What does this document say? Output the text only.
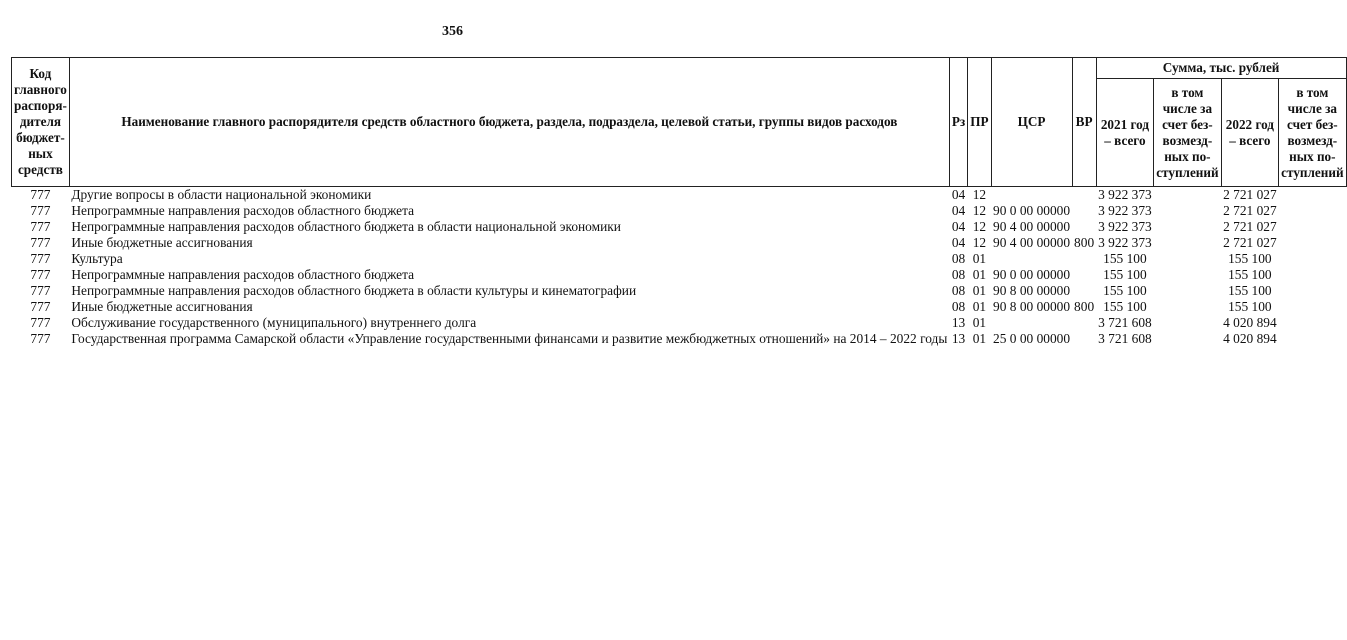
356
Код главного распоря-дителя бюджет-ных средств	Наименование главного распорядителя средств областного бюджета, раздела, подраздела, целевой статьи, группы видов расходов	Рз	ПР	ЦСР	ВР	Сумма, тыс. рублей			
						2021 год – всего	в том числе за счет без-возмезд-ных по-ступлений	2022 год – всего	в том числе за счет без-возмезд-ных по-ступлений
777	Другие вопросы в области национальной экономики	04	12			3 922 373		2 721 027	
777	Непрограммные направления расходов областного бюджета	04	12	90 0 00 00000		3 922 373		2 721 027	
777	Непрограммные направления расходов областного бюджета в области национальной экономики	04	12	90 4 00 00000		3 922 373		2 721 027	
777	Иные бюджетные ассигнования	04	12	90 4 00 00000	800	3 922 373		2 721 027	
777	Культура	08	01			155 100		155 100	
777	Непрограммные направления расходов областного бюджета	08	01	90 0 00 00000		155 100		155 100	
777	Непрограммные направления расходов областного бюджета в области культуры и кинематографии	08	01	90 8 00 00000		155 100		155 100	
777	Иные бюджетные ассигнования	08	01	90 8 00 00000	800	155 100		155 100	
777	Обслуживание государственного (муниципального) внутреннего долга	13	01			3 721 608		4 020 894	
777	Государственная программа Самарской области «Управление государственными финансами и развитие межбюджетных отношений» на 2014 – 2022 годы	13	01	25 0 00 00000		3 721 608		4 020 894	
